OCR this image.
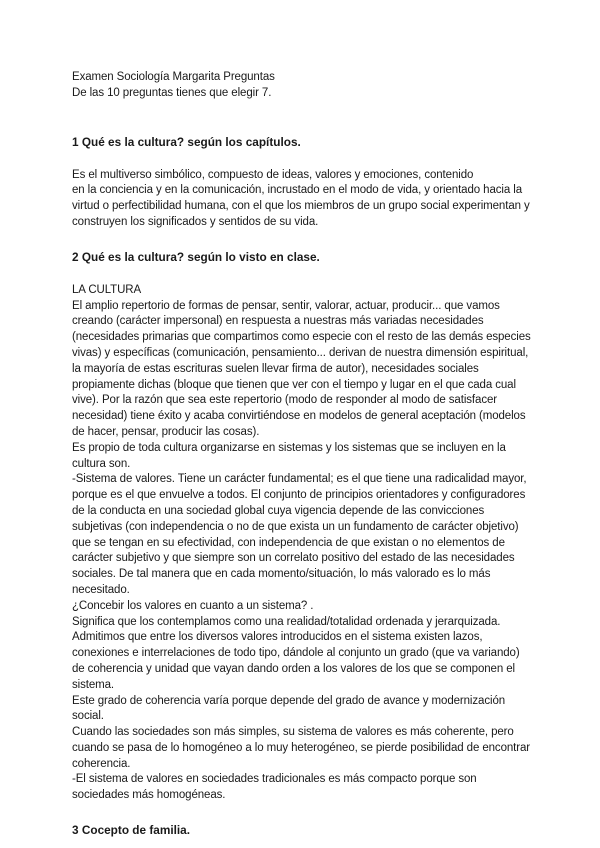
Examen Sociología Margarita Preguntas
De las 10 preguntas tienes que elegir 7.
1 Qué es la cultura? según los capítulos.
Es el multiverso simbólico, compuesto de ideas, valores y emociones, contenido
en la conciencia y en la comunicación, incrustado en el modo de vida, y orientado hacia la
virtud o perfectibilidad humana, con el que los miembros de un grupo social experimentan y
construyen los significados y sentidos de su vida.
2 Qué es la cultura? según lo visto en clase.
LA CULTURA
El amplio repertorio de formas de pensar, sentir, valorar, actuar, producir... que vamos
creando (carácter impersonal) en respuesta a nuestras más variadas necesidades
(necesidades primarias que compartimos como especie con el resto de las demás especies
vivas) y específicas (comunicación, pensamiento... derivan de nuestra dimensión espiritual,
la mayoría de estas escrituras suelen llevar firma de autor), necesidades sociales
propiamente dichas (bloque que tienen que ver con el tiempo y lugar en el que cada cual
vive). Por la razón que sea este repertorio (modo de responder al modo de satisfacer
necesidad) tiene éxito y acaba convirtiéndose en modelos de general aceptación (modelos
de hacer, pensar, producir las cosas).
Es propio de toda cultura organizarse en sistemas y los sistemas que se incluyen en la
cultura son.
-Sistema de valores. Tiene un carácter fundamental; es el que tiene una radicalidad mayor,
porque es el que envuelve a todos. El conjunto de principios orientadores y configuradores
de la conducta en una sociedad global cuya vigencia depende de las convicciones
subjetivas (con independencia o no de que exista un un fundamento de carácter objetivo)
que se tengan en su efectividad, con independencia de que existan o no elementos de
carácter subjetivo y que siempre son un correlato positivo del estado de las necesidades
sociales. De tal manera que en cada momento/situación, lo más valorado es lo más
necesitado.
¿Concebir los valores en cuanto a un sistema? .
Significa que los contemplamos como una realidad/totalidad ordenada y jerarquizada.
Admitimos que entre los diversos valores introducidos en el sistema existen lazos,
conexiones e interrelaciones de todo tipo, dándole al conjunto un grado (que va variando)
de coherencia y unidad que vayan dando orden a los valores de los que se componen el
sistema.
Este grado de coherencia varía porque depende del grado de avance y modernización
social.
Cuando las sociedades son más simples, su sistema de valores es más coherente, pero
cuando se pasa de lo homogéneo a lo muy heterogéneo, se pierde posibilidad de encontrar
coherencia.
-El sistema de valores en sociedades tradicionales es más compacto porque son
sociedades más homogéneas.
3 Cocepto de familia.
